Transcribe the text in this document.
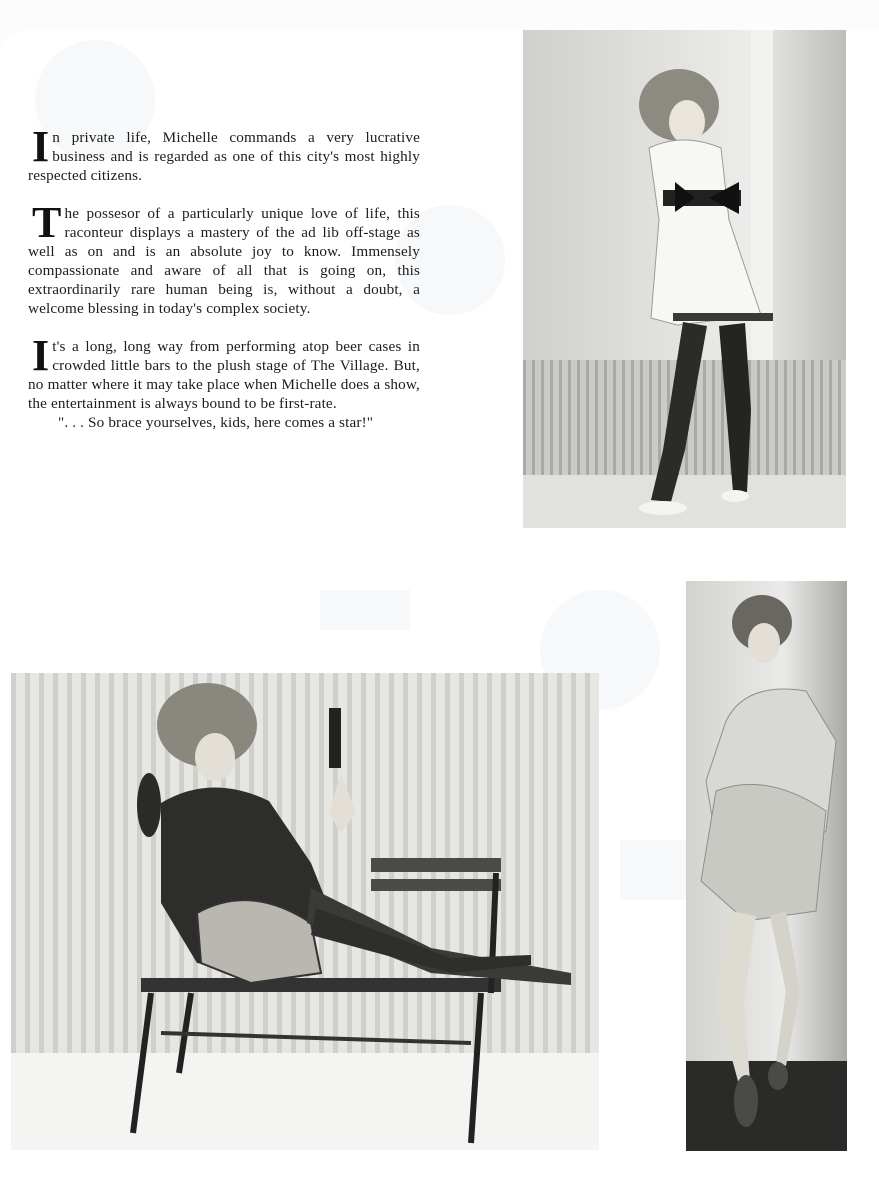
In private life, Michelle commands a very lucrative business and is regarded as one of this city's most highly respected citizens.

The possesor of a particularly unique love of life, this raconteur displays a mastery of the ad lib off-stage as well as on and is an absolute joy to know. Immensely compassionate and aware of all that is going on, this extraordinarily rare human being is, without a doubt, a welcome blessing in today's complex society.

It's a long, long way from performing atop beer cases in crowded little bars to the plush stage of The Village. But, no matter where it may take place when Michelle does a show, the entertainment is always bound to be first-rate.

". . . So brace yourselves, kids, here comes a star!"
